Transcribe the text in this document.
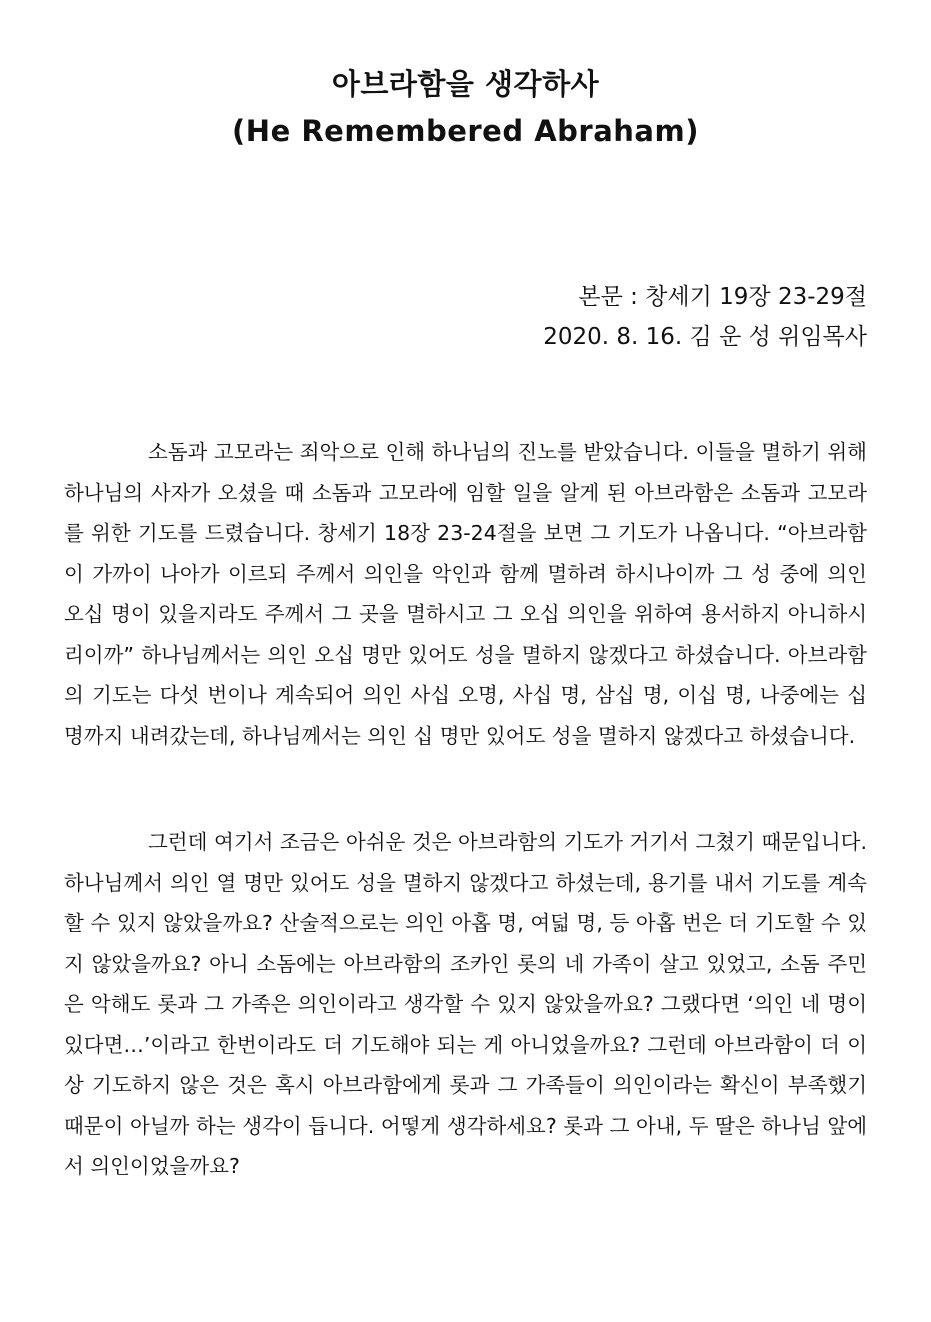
아브라함을 생각하사
(He Remembered Abraham)
본문 : 창세기 19장 23-29절
2020. 8. 16. 김 운 성 위임목사

소돔과 고모라는 죄악으로 인해 하나님의 진노를 받았습니다. 이들을 멸하기 위해 하나님의 사자가 오셨을 때 소돔과 고모라에 임할 일을 알게 된 아브라함은 소돔과 고모라를 위한 기도를 드렸습니다. 창세기 18장 23-24절을 보면 그 기도가 나옵니다. “아브라함이 가까이 나아가 이르되 주께서 의인을 악인과 함께 멸하려 하시나이까 그 성 중에 의인 오십 명이 있을지라도 주께서 그 곳을 멸하시고 그 오십 의인을 위하여 용서하지 아니하시리이까” 하나님께서는 의인 오십 명만 있어도 성을 멸하지 않겠다고 하셨습니다. 아브라함의 기도는 다섯 번이나 계속되어 의인 사십 오명, 사십 명, 삼십 명, 이십 명, 나중에는 십 명까지 내려갔는데, 하나님께서는 의인 십 명만 있어도 성을 멸하지 않겠다고 하셨습니다.

그런데 여기서 조금은 아쉬운 것은 아브라함의 기도가 거기서 그쳤기 때문입니다. 하나님께서 의인 열 명만 있어도 성을 멸하지 않겠다고 하셨는데, 용기를 내서 기도를 계속 할 수 있지 않았을까요? 산술적으로는 의인 아홉 명, 여덟 명, 등 아홉 번은 더 기도할 수 있지 않았을까요? 아니 소돔에는 아브라함의 조카인 롯의 네 가족이 살고 있었고, 소돔 주민은 악해도 롯과 그 가족은 의인이라고 생각할 수 있지 않았을까요? 그랬다면 ‘의인 네 명이 있다면…’이라고 한번이라도 더 기도해야 되는 게 아니었을까요? 그런데 아브라함이 더 이상 기도하지 않은 것은 혹시 아브라함에게 롯과 그 가족들이 의인이라는 확신이 부족했기 때문이 아닐까 하는 생각이 듭니다. 어떻게 생각하세요? 롯과 그 아내, 두 딸은 하나님 앞에서 의인이었을까요?
